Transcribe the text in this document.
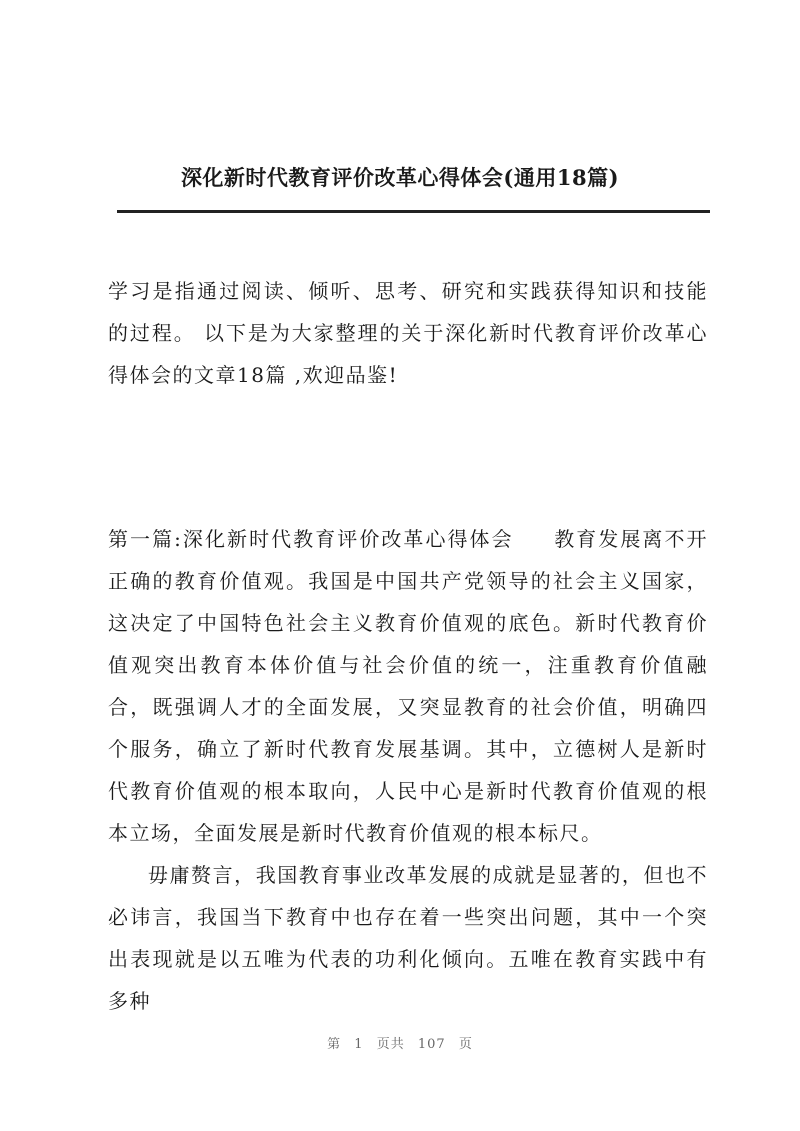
深化新时代教育评价改革心得体会(通用18篇)

学习是指通过阅读、倾听、思考、研究和实践获得知识和技能的过程。 以下是为大家整理的关于深化新时代教育评价改革心得体会的文章18篇 ,欢迎品鉴!

第一篇:深化新时代教育评价改革心得体会 教育发展离不开正确的教育价值观。我国是中国共产党领导的社会主义国家，这决定了中国特色社会主义教育价值观的底色。新时代教育价值观突出教育本体价值与社会价值的统一，注重教育价值融合，既强调人才的全面发展，又突显教育的社会价值，明确四个服务，确立了新时代教育发展基调。其中，立德树人是新时代教育价值观的根本取向，人民中心是新时代教育价值观的根本立场，全面发展是新时代教育价值观的根本标尺。

毋庸赘言，我国教育事业改革发展的成就是显著的，但也不必讳言，我国当下教育中也存在着一些突出问题，其中一个突出表现就是以五唯为代表的功利化倾向。五唯在教育实践中有多种

第 1 页共 107 页
